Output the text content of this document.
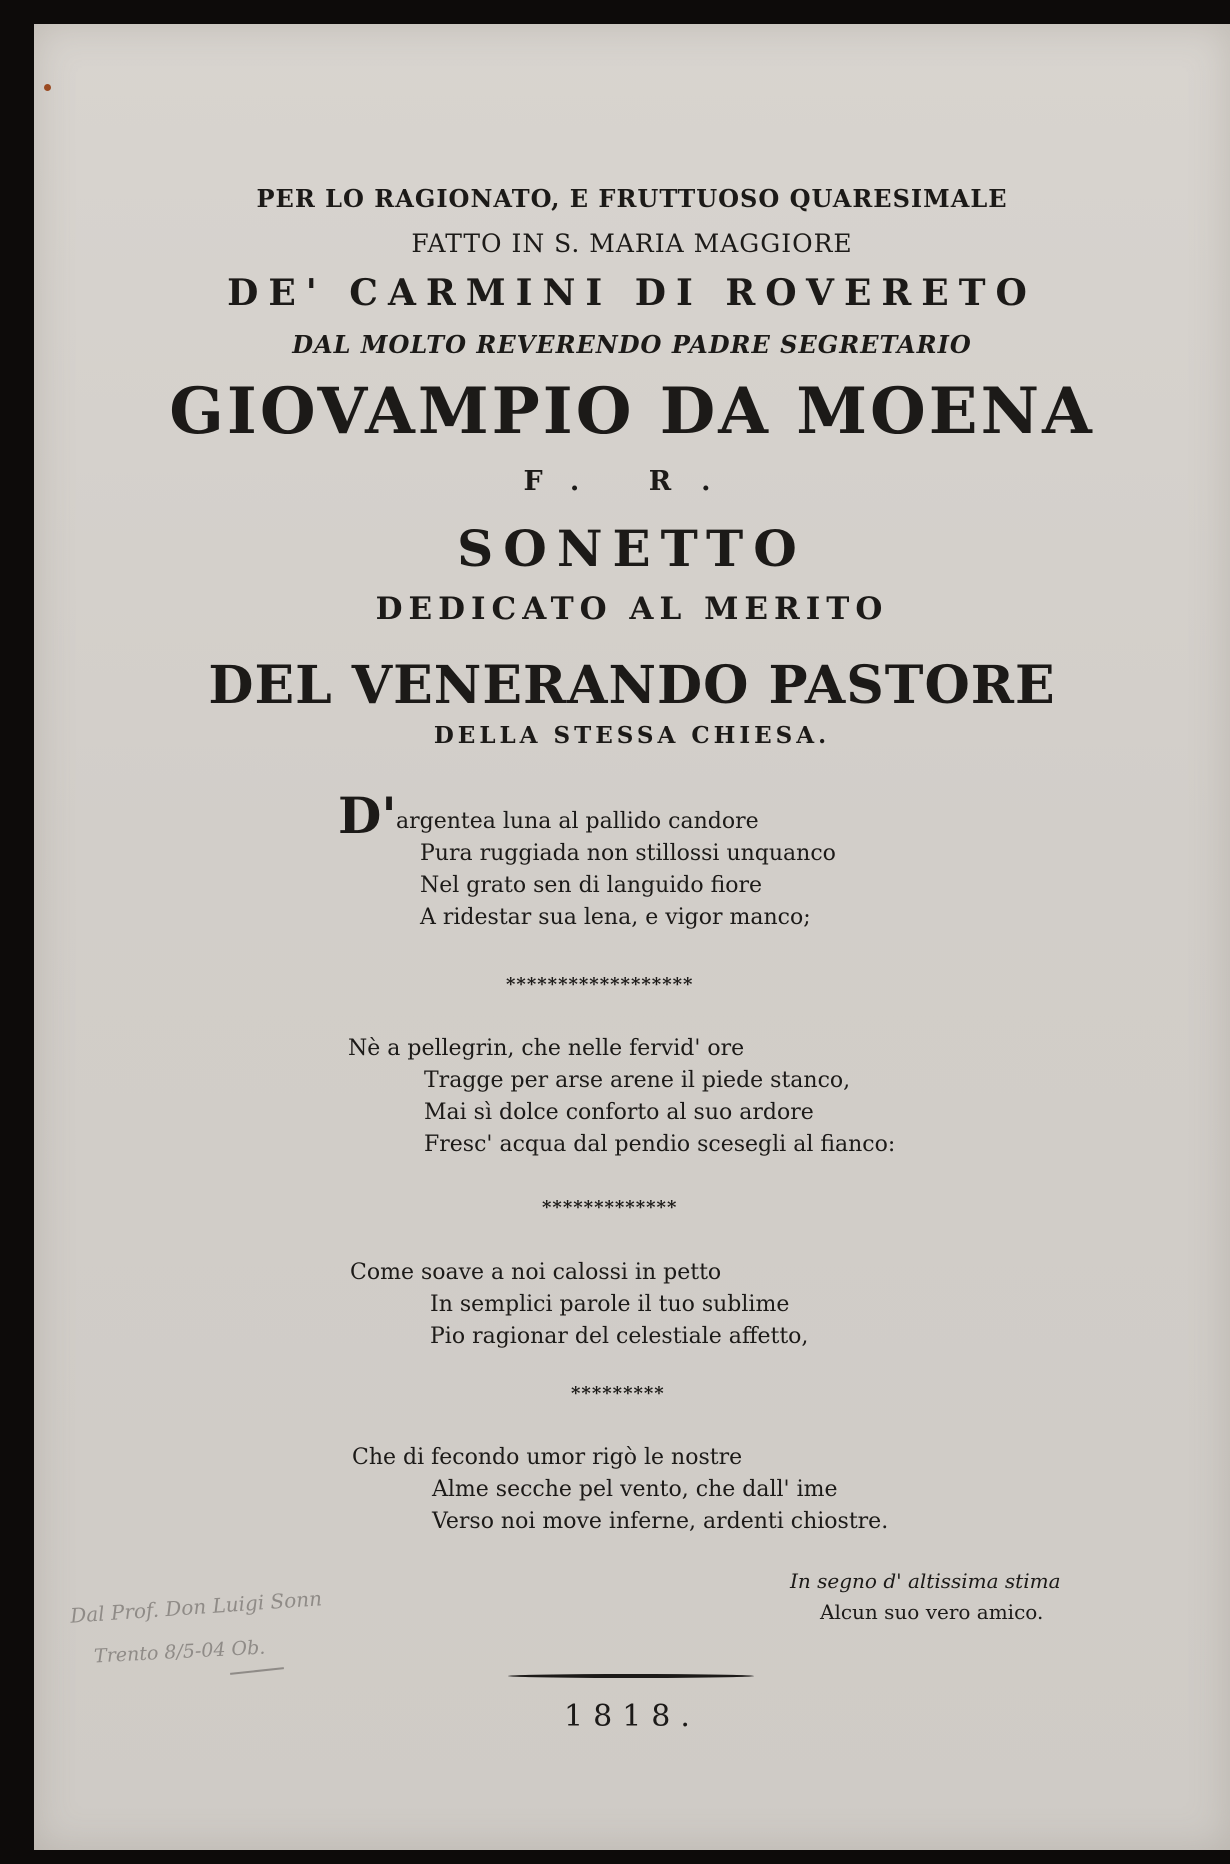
PER LO RAGIONATO, E FRUTTUOSO QUARESIMALE
FATTO IN S. MARIA MAGGIORE
DE' CARMINI DI ROVERETO
DAL MOLTO REVERENDO PADRE SEGRETARIO
GIOVAMPIO DA MOENA
F. R.
SONETTO
DEDICATO AL MERITO
DEL VENERANDO PASTORE
DELLA STESSA CHIESA.
D' argentea luna al pallido candore
Pura ruggiada non stillossi unquanco
Nel grato sen di languido fiore
A ridestar sua lena, e vigor manco;
******************
Nè a pellegrin, che nelle fervid' ore
Tragge per arse arene il piede stanco,
Mai sì dolce conforto al suo ardore
Fresc' acqua dal pendio scesegli al fianco:
*************
Come soave a noi calossi in petto
In semplici parole il tuo sublime
Pio ragionar del celestiale affetto,
*********
Che di fecondo umor rigò le nostre
Alme secche pel vento, che dall' ime
Verso noi move inferne, ardenti chiostre.
In segno d' altissima stima
Alcun suo vero amico.
Dal Prof. Don Luigi Sonn
Trento 8/5-04 Ob.
1818.
